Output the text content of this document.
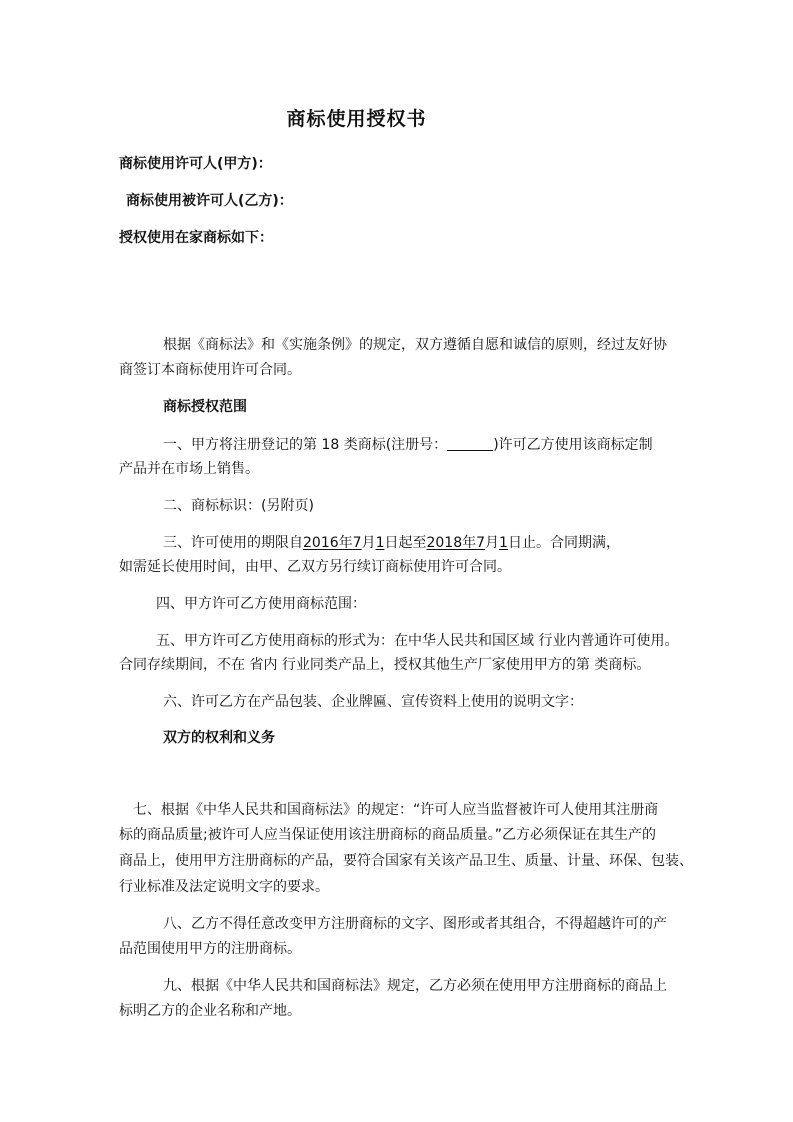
商标使用授权书
商标使用许可人(甲方)：
商标使用被许可人(乙方)：
授权使用在家商标如下：
根据《商标法》和《实施条例》的规定，双方遵循自愿和诚信的原则，经过友好协
商签订本商标使用许可合同。
商标授权范围
一、甲方将注册登记的第 18 类商标(注册号：	)许可乙方使用该商标定制
产品并在市场上销售。
二、商标标识：(另附页)
三、许可使用的期限自2016年7月1日起至2018年7月1日止。合同期满，
如需延长使用时间，由甲、乙双方另行续订商标使用许可合同。
四、甲方许可乙方使用商标范围：
五、甲方许可乙方使用商标的形式为：在中华人民共和国区域 行业内普通许可使用。
合同存续期间，不在 省内 行业同类产品上，授权其他生产厂家使用甲方的第 类商标。
六、许可乙方在产品包装、企业牌匾、宣传资料上使用的说明文字：
双方的权利和义务
七、根据《中华人民共和国商标法》的规定：“许可人应当监督被许可人使用其注册商
标的商品质量;被许可人应当保证使用该注册商标的商品质量。”乙方必须保证在其生产的
商品上，使用甲方注册商标的产品，要符合国家有关该产品卫生、质量、计量、环保、包装、
行业标准及法定说明文字的要求。
八、乙方不得任意改变甲方注册商标的文字、图形或者其组合，不得超越许可的产
品范围使用甲方的注册商标。
九、根据《中华人民共和国商标法》规定，乙方必须在使用甲方注册商标的商品上
标明乙方的企业名称和产地。
